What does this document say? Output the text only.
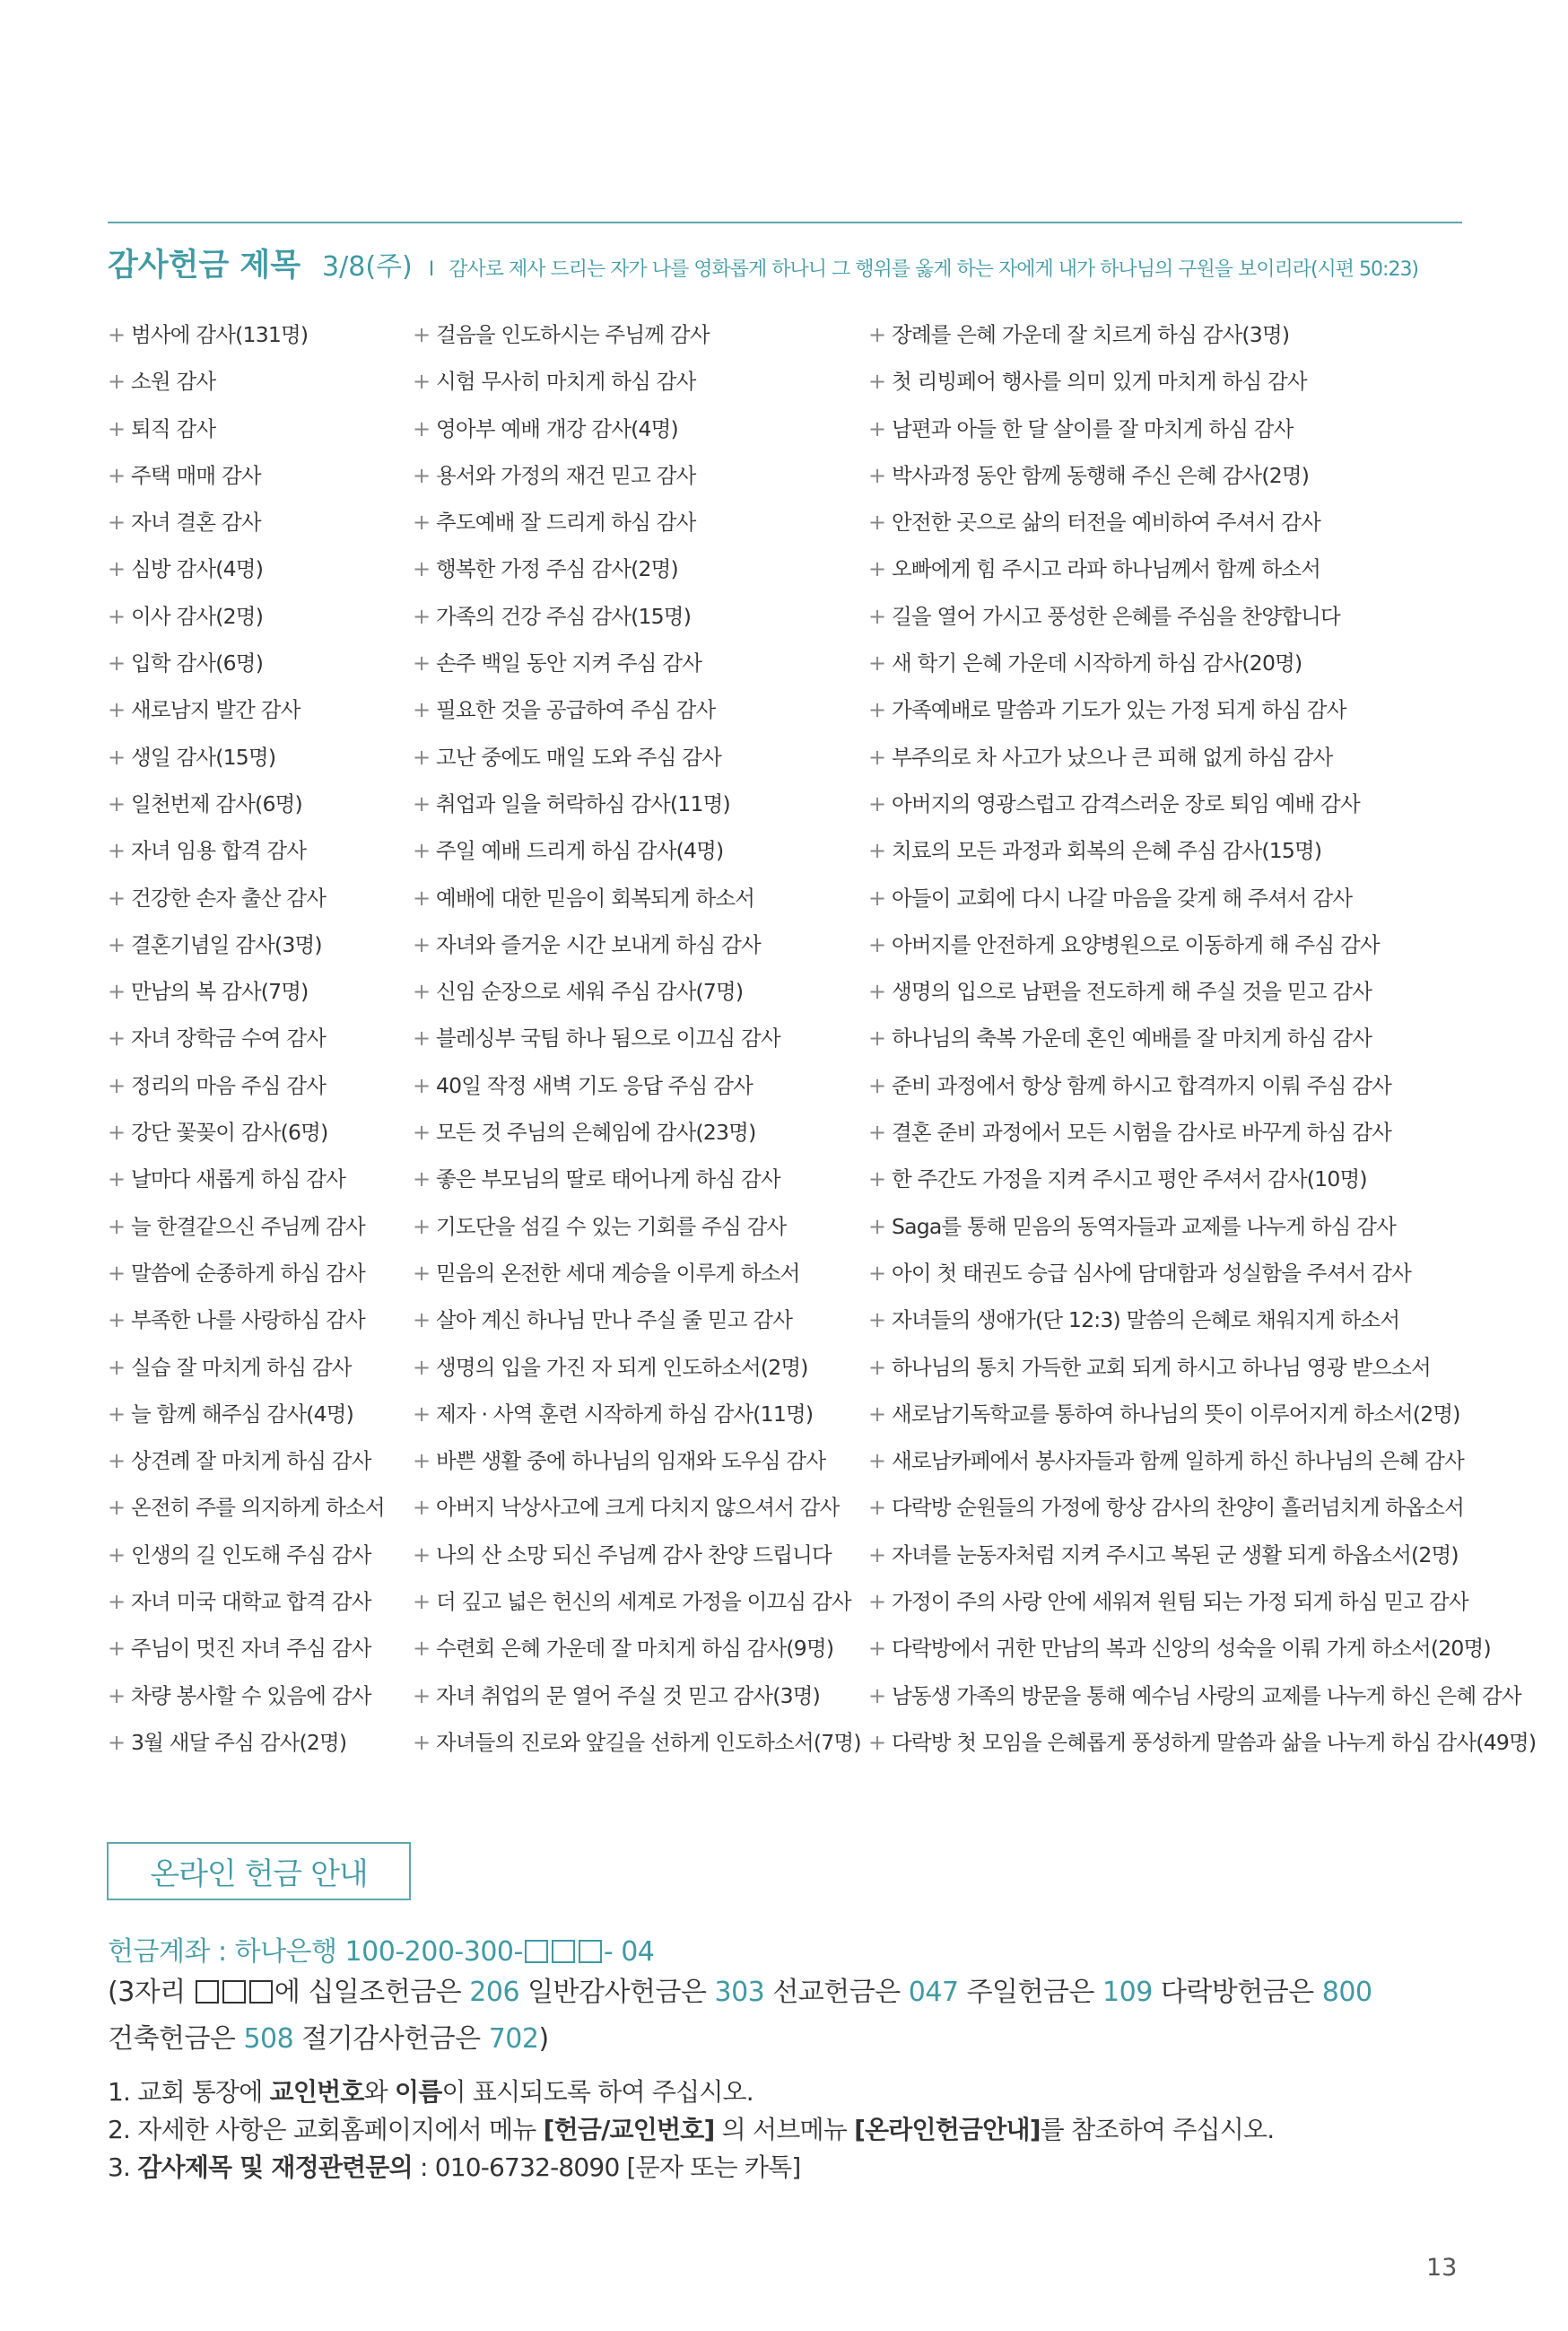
감사헌금 제목 3/8(주) I 감사로 제사 드리는 자가 나를 영화롭게 하나니 그 행위를 옳게 하는 자에게 내가 하나님의 구원을 보이리라(시편 50:23)
+ 범사에 감사(131명)
+ 소원 감사
+ 퇴직 감사
+ 주택 매매 감사
+ 자녀 결혼 감사
+ 심방 감사(4명)
+ 이사 감사(2명)
+ 입학 감사(6명)
+ 새로남지 발간 감사
+ 생일 감사(15명)
+ 일천번제 감사(6명)
+ 자녀 임용 합격 감사
+ 건강한 손자 출산 감사
+ 결혼기념일 감사(3명)
+ 만남의 복 감사(7명)
+ 자녀 장학금 수여 감사
+ 정리의 마음 주심 감사
+ 강단 꽃꽂이 감사(6명)
+ 날마다 새롭게 하심 감사
+ 늘 한결같으신 주님께 감사
+ 말씀에 순종하게 하심 감사
+ 부족한 나를 사랑하심 감사
+ 실습 잘 마치게 하심 감사
+ 늘 함께 해주심 감사(4명)
+ 상견례 잘 마치게 하심 감사
+ 온전히 주를 의지하게 하소서
+ 인생의 길 인도해 주심 감사
+ 자녀 미국 대학교 합격 감사
+ 주님이 멋진 자녀 주심 감사
+ 차량 봉사할 수 있음에 감사
+ 3월 새달 주심 감사(2명)
+ 걸음을 인도하시는 주님께 감사
+ 시험 무사히 마치게 하심 감사
+ 영아부 예배 개강 감사(4명)
+ 용서와 가정의 재건 믿고 감사
+ 추도예배 잘 드리게 하심 감사
+ 행복한 가정 주심 감사(2명)
+ 가족의 건강 주심 감사(15명)
+ 손주 백일 동안 지켜 주심 감사
+ 필요한 것을 공급하여 주심 감사
+ 고난 중에도 매일 도와 주심 감사
+ 취업과 일을 허락하심 감사(11명)
+ 주일 예배 드리게 하심 감사(4명)
+ 예배에 대한 믿음이 회복되게 하소서
+ 자녀와 즐거운 시간 보내게 하심 감사
+ 신임 순장으로 세워 주심 감사(7명)
+ 블레싱부 국팀 하나 됨으로 이끄심 감사
+ 40일 작정 새벽 기도 응답 주심 감사
+ 모든 것 주님의 은혜임에 감사(23명)
+ 좋은 부모님의 딸로 태어나게 하심 감사
+ 기도단을 섬길 수 있는 기회를 주심 감사
+ 믿음의 온전한 세대 계승을 이루게 하소서
+ 살아 계신 하나님 만나 주실 줄 믿고 감사
+ 생명의 입을 가진 자 되게 인도하소서(2명)
+ 제자 · 사역 훈련 시작하게 하심 감사(11명)
+ 바쁜 생활 중에 하나님의 임재와 도우심 감사
+ 아버지 낙상사고에 크게 다치지 않으셔서 감사
+ 나의 산 소망 되신 주님께 감사 찬양 드립니다
+ 더 깊고 넓은 헌신의 세계로 가정을 이끄심 감사
+ 수련회 은혜 가운데 잘 마치게 하심 감사(9명)
+ 자녀 취업의 문 열어 주실 것 믿고 감사(3명)
+ 자녀들의 진로와 앞길을 선하게 인도하소서(7명)
+ 장례를 은혜 가운데 잘 치르게 하심 감사(3명)
+ 첫 리빙페어 행사를 의미 있게 마치게 하심 감사
+ 남편과 아들 한 달 살이를 잘 마치게 하심 감사
+ 박사과정 동안 함께 동행해 주신 은혜 감사(2명)
+ 안전한 곳으로 삶의 터전을 예비하여 주셔서 감사
+ 오빠에게 힘 주시고 라파 하나님께서 함께 하소서
+ 길을 열어 가시고 풍성한 은혜를 주심을 찬양합니다
+ 새 학기 은혜 가운데 시작하게 하심 감사(20명)
+ 가족예배로 말씀과 기도가 있는 가정 되게 하심 감사
+ 부주의로 차 사고가 났으나 큰 피해 없게 하심 감사
+ 아버지의 영광스럽고 감격스러운 장로 퇴임 예배 감사
+ 치료의 모든 과정과 회복의 은혜 주심 감사(15명)
+ 아들이 교회에 다시 나갈 마음을 갖게 해 주셔서 감사
+ 아버지를 안전하게 요양병원으로 이동하게 해 주심 감사
+ 생명의 입으로 남편을 전도하게 해 주실 것을 믿고 감사
+ 하나님의 축복 가운데 혼인 예배를 잘 마치게 하심 감사
+ 준비 과정에서 항상 함께 하시고 합격까지 이뤄 주심 감사
+ 결혼 준비 과정에서 모든 시험을 감사로 바꾸게 하심 감사
+ 한 주간도 가정을 지켜 주시고 평안 주셔서 감사(10명)
+ Saga를 통해 믿음의 동역자들과 교제를 나누게 하심 감사
+ 아이 첫 태권도 승급 심사에 담대함과 성실함을 주셔서 감사
+ 자녀들의 생애가(단 12:3) 말씀의 은혜로 채워지게 하소서
+ 하나님의 통치 가득한 교회 되게 하시고 하나님 영광 받으소서
+ 새로남기독학교를 통하여 하나님의 뜻이 이루어지게 하소서(2명)
+ 새로남카페에서 봉사자들과 함께 일하게 하신 하나님의 은혜 감사
+ 다락방 순원들의 가정에 항상 감사의 찬양이 흘러넘치게 하옵소서
+ 자녀를 눈동자처럼 지켜 주시고 복된 군 생활 되게 하옵소서(2명)
+ 가정이 주의 사랑 안에 세워져 원팀 되는 가정 되게 하심 믿고 감사
+ 다락방에서 귀한 만남의 복과 신앙의 성숙을 이뤄 가게 하소서(20명)
+ 남동생 가족의 방문을 통해 예수님 사랑의 교제를 나누게 하신 은혜 감사
+ 다락방 첫 모임을 은혜롭게 풍성하게 말씀과 삶을 나누게 하심 감사(49명)
온라인 헌금 안내
헌금계좌 : 하나은행 100-200-300-	- 04
(3자리	에 십일조헌금은 206 일반감사헌금은 303 선교헌금은 047 주일헌금은 109 다락방헌금은 800
건축헌금은 508 절기감사헌금은 702)
1. 교회 통장에 교인번호와 이름이 표시되도록 하여 주십시오.
2. 자세한 사항은 교회홈페이지에서 메뉴 [헌금/교인번호] 의 서브메뉴 [온라인헌금안내]를 참조하여 주십시오.
3. 감사제목 및 재정관련문의 : 010-6732-8090 [문자 또는 카톡]
13
